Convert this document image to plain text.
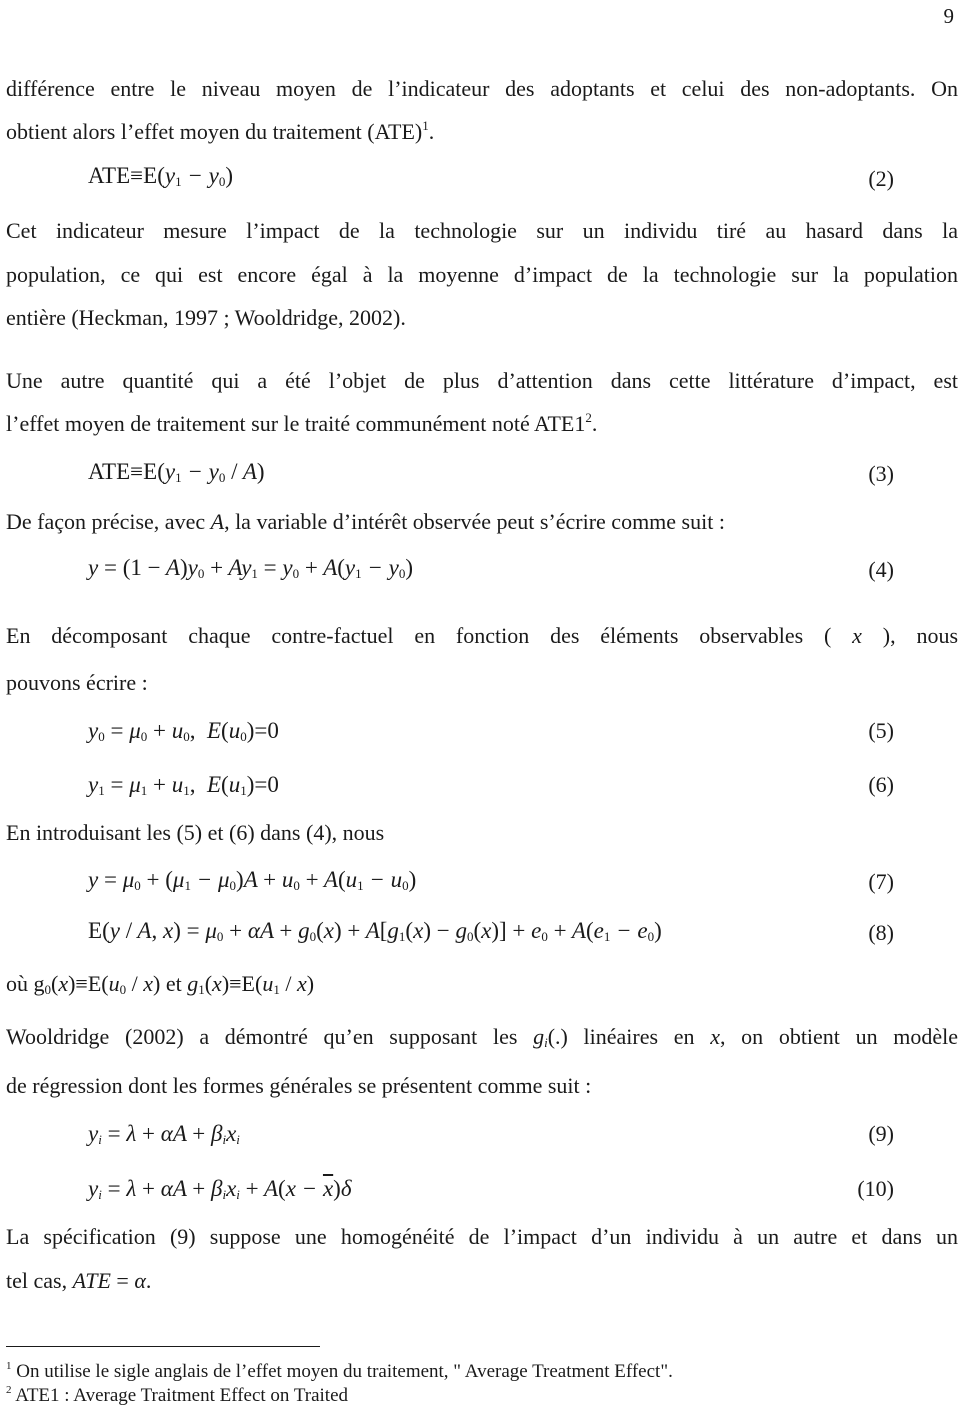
9

différence entre le niveau moyen de l’indicateur des adoptants et celui des non-adoptants. On

obtient alors l’effet moyen du traitement (ATE)$^1$.
$ATE\equiv E(y_1 - y_0)$	(2)

Cet indicateur mesure l’impact de la technologie sur un individu tiré au hasard dans la

population, ce qui est encore égal à la moyenne d’impact de la technologie sur la population

entière (Heckman, 1997 ; Wooldridge, 2002).

Une autre quantité qui a été l’objet de plus d’attention dans cette littérature d’impact, est

l’effet moyen de traitement sur le traité communément noté $ATE1^2$.
$ATE\equiv E(y_1 - y_0 / A)$	(3)
De façon précise, avec A, la variable d’intérêt observée peut s’écrire comme suit :
$y = (1 - A)y_0 + Ay_1 = y_0 + A(y_1 - y_0)$	(4)

En décomposant chaque contre-factuel en fonction des éléments observables ( x ), nous

pouvons écrire :
$y_0 = \mu_0 + u_0$, $E(u_0)=0$	(5)
$y_1 = \mu_1 + u_1$, $E(u_1)=0$	(6)
En introduisant les (5) et (6) dans (4), nous
$y = \mu_0 + (\mu_1 - \mu_0)A + u_0 + A(u_1 - u_0)$	(7)
E(y / A, $x) = \mu_0 + \alpha A + g_0(x) + A[g_1(x) - g_0(x)] + e_0 + A(e_1 - e_0)$	(8)
où $g_0(x)\equiv E(u_0 / x)$ et $g_1(x)\equiv E(u_1 / x)$

Wooldridge (2002) a démontré qu’en supposant les $g_i(.)$ linéaires en x, on obtient un modèle

de régression dont les formes générales se présentent comme suit :
$y_i = \lambda + \alpha A + \beta_ix_i$	(9)
$y_i = \lambda + \alpha A + \beta_ix_i + A(x - \overline{x})\delta$	(10)

La spécification (9) suppose une homogénéité de l’impact d’un individu à un autre et dans un

tel cas, ATE = α.
$^1$ On utilise le sigle anglais de l’effet moyen du traitement, " Average Treatment Effect".
$^2$ ATE1 : Average Traitment Effect on Traited
